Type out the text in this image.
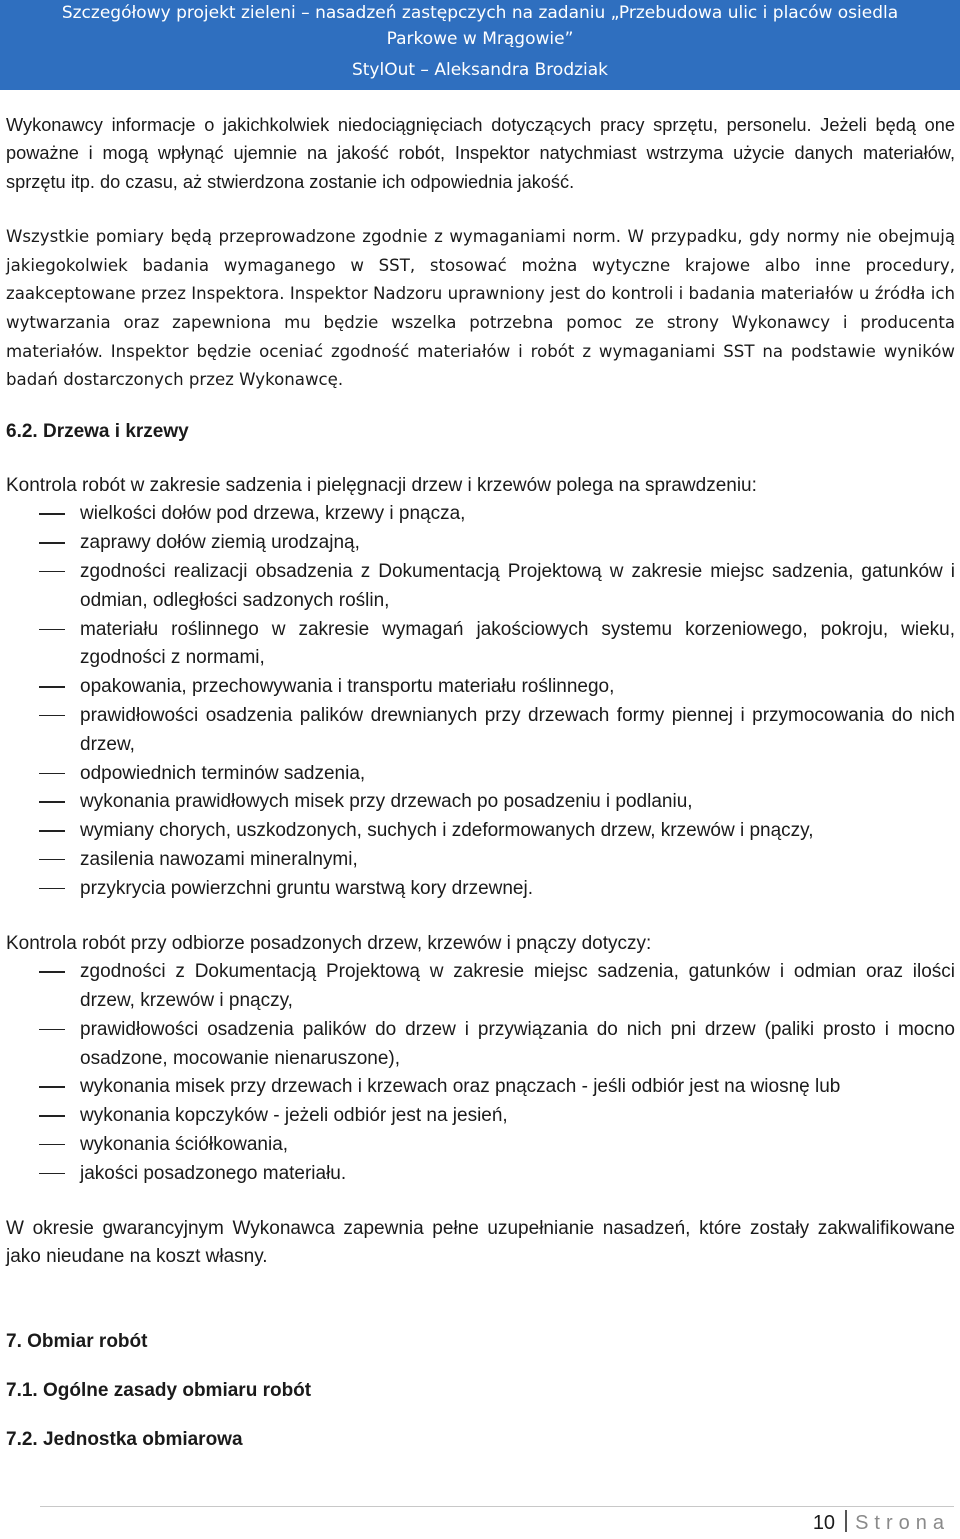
Szczegółowy projekt zieleni – nasadzeń zastępczych na zadaniu „Przebudowa ulic i placów osiedla
Parkowe w Mrągowie”
StylOut – Aleksandra Brodziak

Wykonawcy informacje o jakichkolwiek niedociągnięciach dotyczących pracy sprzętu, personelu. Jeżeli będą one poważne i mogą wpłynąć ujemnie na jakość robót, Inspektor natychmiast wstrzyma użycie danych materiałów, sprzętu itp. do czasu, aż stwierdzona zostanie ich odpowiednia jakość.

Wszystkie pomiary będą przeprowadzone zgodnie z wymaganiami norm. W przypadku, gdy normy nie obejmują jakiegokolwiek badania wymaganego w SST, stosować można wytyczne krajowe albo inne procedury, zaakceptowane przez Inspektora. Inspektor Nadzoru uprawniony jest do kontroli i badania materiałów u źródła ich wytwarzania oraz zapewniona mu będzie wszelka potrzebna pomoc ze strony Wykonawcy i producenta materiałów. Inspektor będzie oceniać zgodność materiałów i robót z wymaganiami SST na podstawie wyników badań dostarczonych przez Wykonawcę.

6.2. Drzewa i krzewy

Kontrola robót w zakresie sadzenia i pielęgnacji drzew i krzewów polega na sprawdzeniu:

wielkości dołów pod drzewa, krzewy i pnącza,
zaprawy dołów ziemią urodzajną,
zgodności realizacji obsadzenia z Dokumentacją Projektową w zakresie miejsc sadzenia, gatunków i odmian, odległości sadzonych roślin,
materiału roślinnego w zakresie wymagań jakościowych systemu korzeniowego, pokroju, wieku, zgodności z normami,
opakowania, przechowywania i transportu materiału roślinnego,
prawidłowości osadzenia palików drewnianych przy drzewach formy piennej i przymocowania do nich drzew,
odpowiednich terminów sadzenia,
wykonania prawidłowych misek przy drzewach po posadzeniu i podlaniu,
wymiany chorych, uszkodzonych, suchych i zdeformowanych drzew, krzewów i pnączy,
zasilenia nawozami mineralnymi,
przykrycia powierzchni gruntu warstwą kory drzewnej.

Kontrola robót przy odbiorze posadzonych drzew, krzewów i pnączy dotyczy:

zgodności z Dokumentacją Projektową w zakresie miejsc sadzenia, gatunków i odmian oraz ilości drzew, krzewów i pnączy,
prawidłowości osadzenia palików do drzew i przywiązania do nich pni drzew (paliki prosto i mocno osadzone, mocowanie nienaruszone),
wykonania misek przy drzewach i krzewach oraz pnączach - jeśli odbiór jest na wiosnę lub
wykonania kopczyków - jeżeli odbiór jest na jesień,
wykonania ściółkowania,
jakości posadzonego materiału.

W okresie gwarancyjnym Wykonawca zapewnia pełne uzupełnianie nasadzeń, które zostały zakwalifikowane jako nieudane na koszt własny.

7. Obmiar robót
7.1. Ogólne zasady obmiaru robót
7.2. Jednostka obmiarowa
10 Strona
